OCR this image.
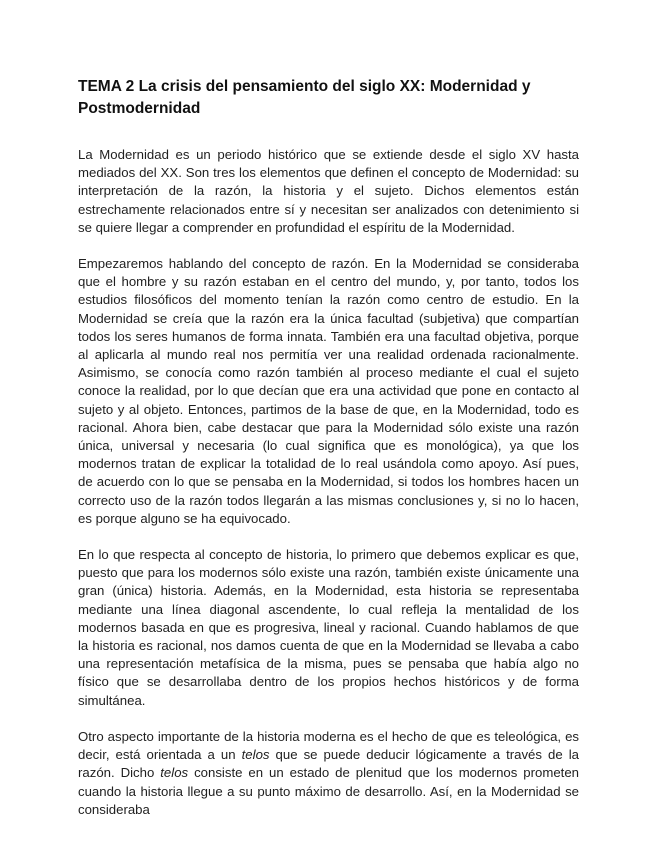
TEMA 2 La crisis del pensamiento del siglo XX: Modernidad y Postmodernidad

La Modernidad es un periodo histórico que se extiende desde el siglo XV hasta mediados del XX. Son tres los elementos que definen el concepto de Modernidad: su interpretación de la razón, la historia y el sujeto. Dichos elementos están estrechamente relacionados entre sí y necesitan ser analizados con detenimiento si se quiere llegar a comprender en profundidad el espíritu de la Modernidad.

Empezaremos hablando del concepto de razón. En la Modernidad se consideraba que el hombre y su razón estaban en el centro del mundo, y, por tanto, todos los estudios filosóficos del momento tenían la razón como centro de estudio. En la Modernidad se creía que la razón era la única facultad (subjetiva) que compartían todos los seres humanos de forma innata. También era una facultad objetiva, porque al aplicarla al mundo real nos permitía ver una realidad ordenada racionalmente. Asimismo, se conocía como razón también al proceso mediante el cual el sujeto conoce la realidad, por lo que decían que era una actividad que pone en contacto al sujeto y al objeto. Entonces, partimos de la base de que, en la Modernidad, todo es racional. Ahora bien, cabe destacar que para la Modernidad sólo existe una razón única, universal y necesaria (lo cual significa que es monológica), ya que los modernos tratan de explicar la totalidad de lo real usándola como apoyo. Así pues, de acuerdo con lo que se pensaba en la Modernidad, si todos los hombres hacen un correcto uso de la razón todos llegarán a las mismas conclusiones y, si no lo hacen, es porque alguno se ha equivocado.

En lo que respecta al concepto de historia, lo primero que debemos explicar es que, puesto que para los modernos sólo existe una razón, también existe únicamente una gran (única) historia. Además, en la Modernidad, esta historia se representaba mediante una línea diagonal ascendente, lo cual refleja la mentalidad de los modernos basada en que es progresiva, lineal y racional. Cuando hablamos de que la historia es racional, nos damos cuenta de que en la Modernidad se llevaba a cabo una representación metafísica de la misma, pues se pensaba que había algo no físico que se desarrollaba dentro de los propios hechos históricos y de forma simultánea.

Otro aspecto importante de la historia moderna es el hecho de que es teleológica, es decir, está orientada a un telos que se puede deducir lógicamente a través de la razón. Dicho telos consiste en un estado de plenitud que los modernos prometen cuando la historia llegue a su punto máximo de desarrollo. Así, en la Modernidad se consideraba
